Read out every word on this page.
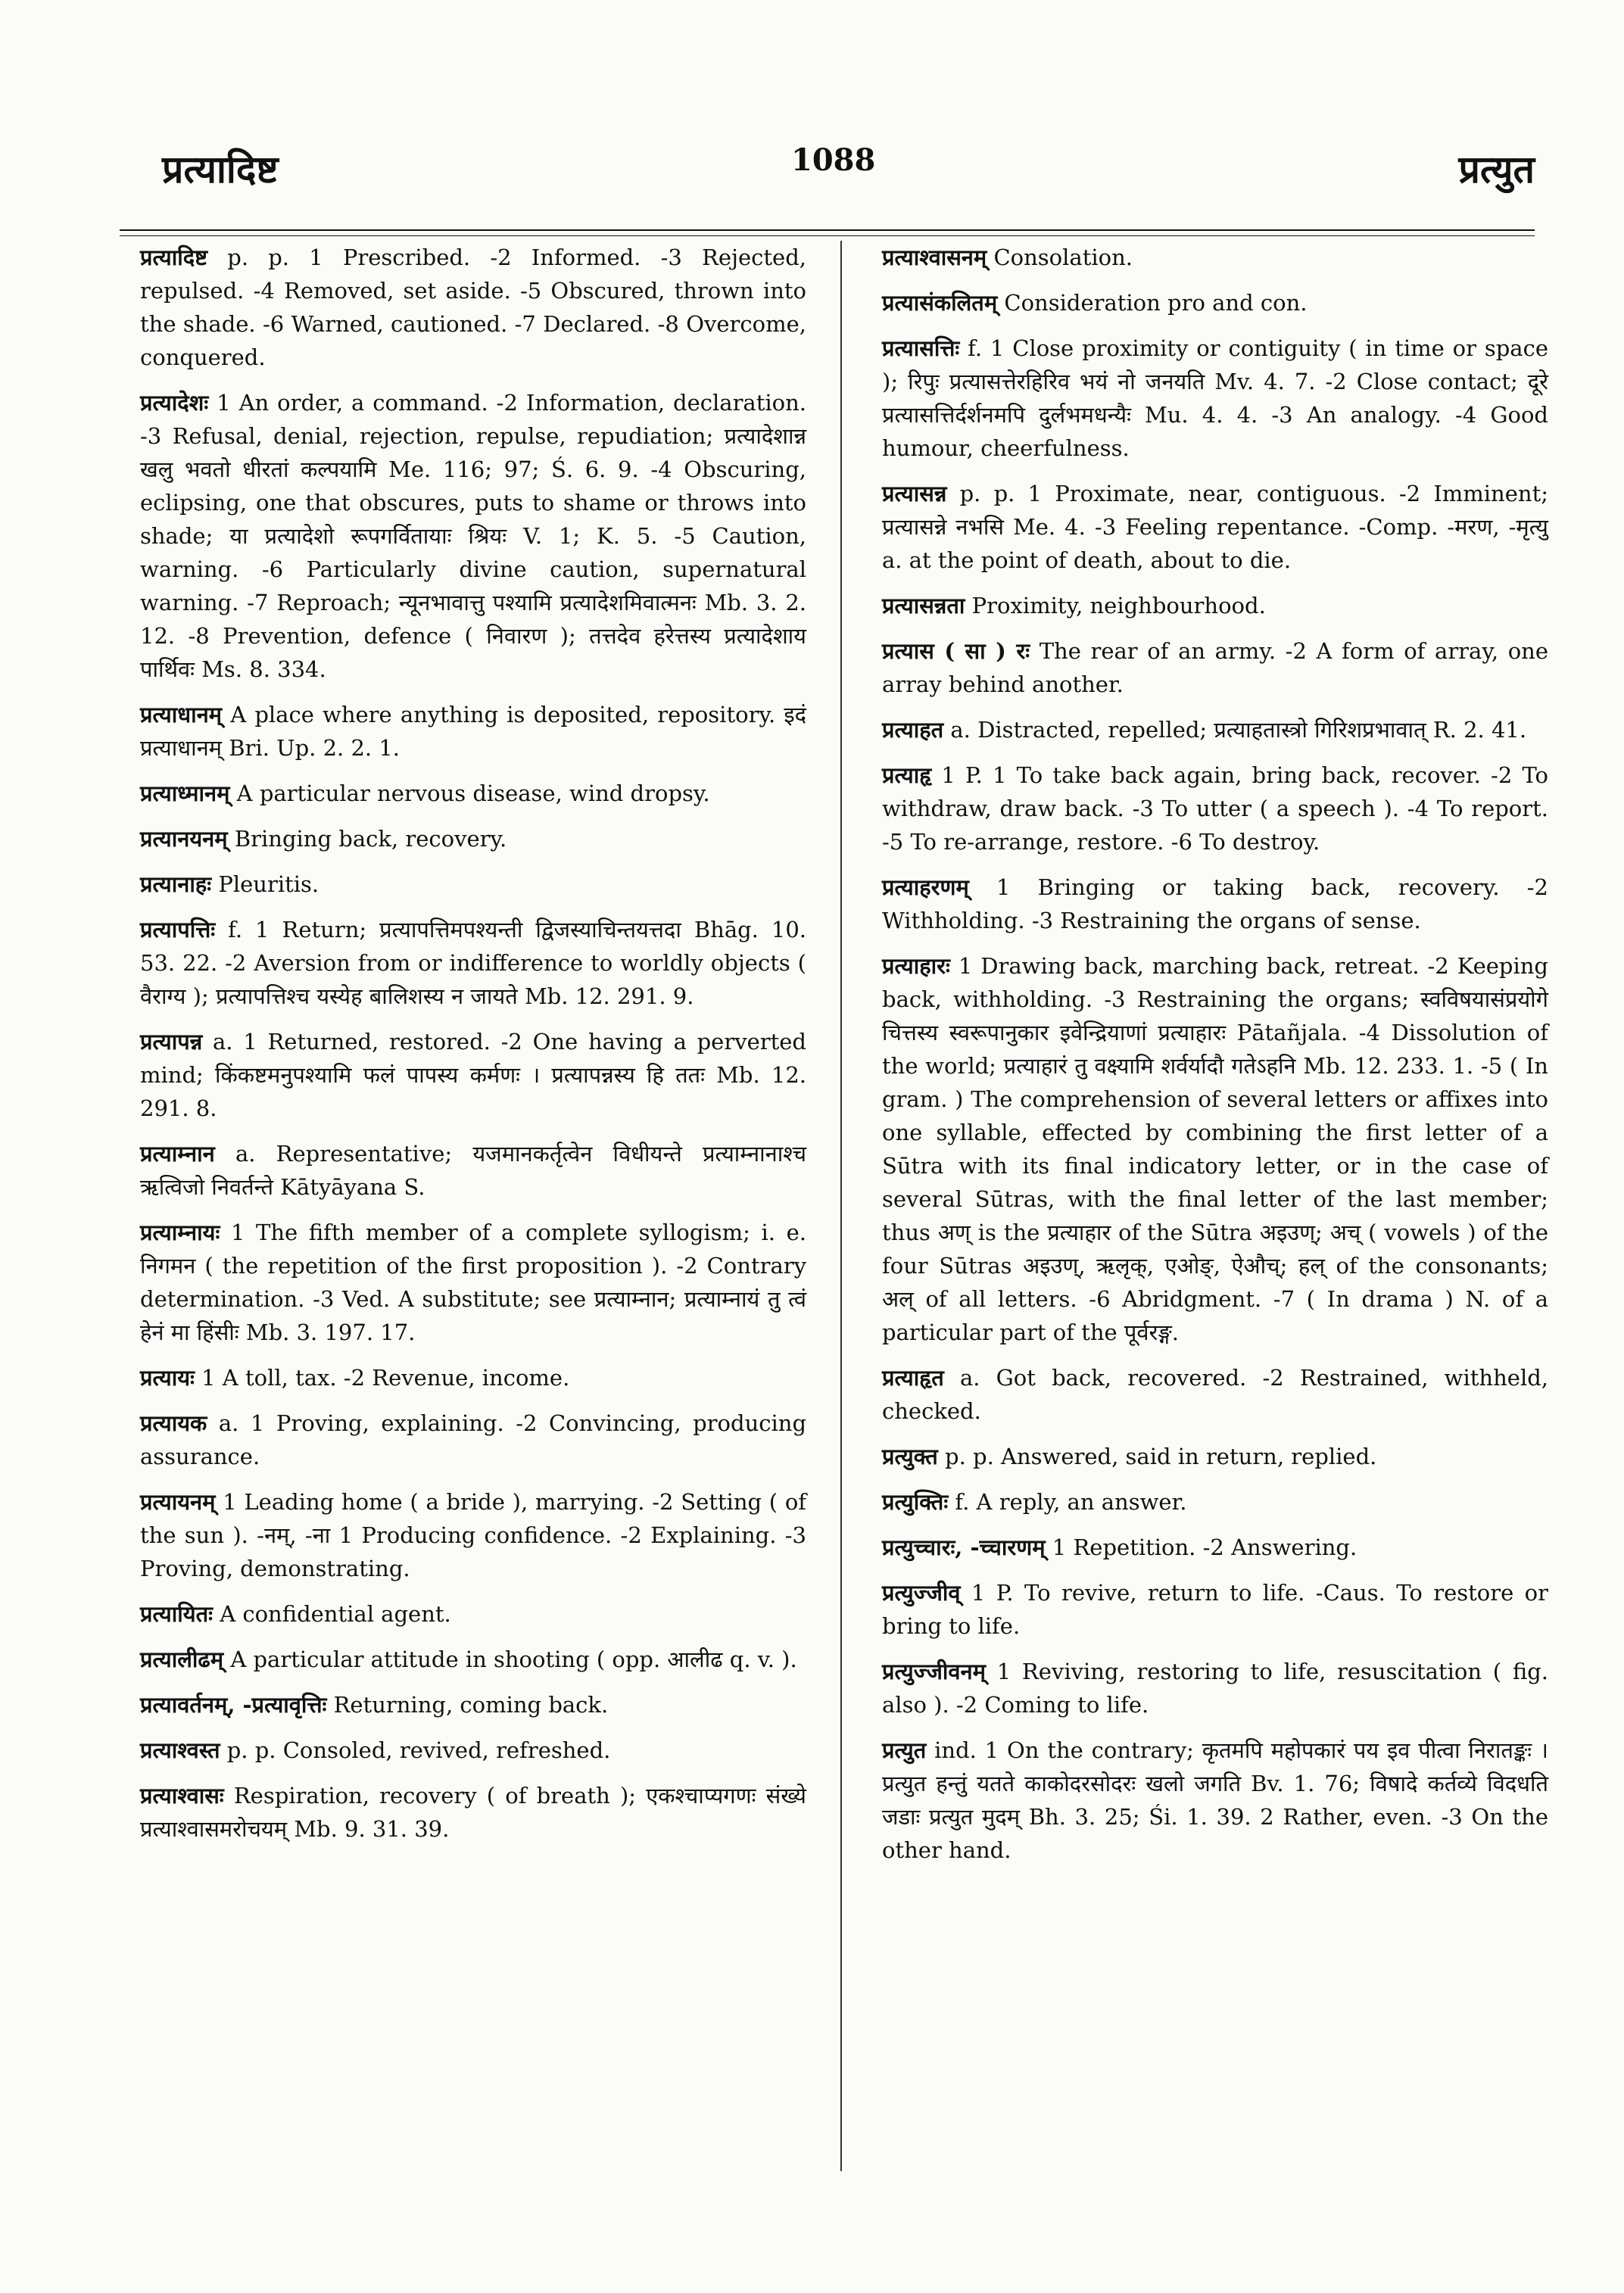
प्रत्यादिष्ट	1088	प्रत्युत

प्रत्यादिष्ट p. p. 1 Prescribed. -2 Informed. -3 Rejected, repulsed. -4 Removed, set aside. -5 Obscured, thrown into the shade. -6 Warned, cautioned. -7 Declared. -8 Overcome, conquered.

प्रत्यादेशः 1 An order, a command. -2 Information, declaration. -3 Refusal, denial, rejection, repulse, repudiation; प्रत्यादेशान्न खलु भवतो धीरतां कल्पयामि Me. 116; 97; Ś. 6. 9. -4 Obscuring, eclipsing, one that obscures, puts to shame or throws into shade; या प्रत्यादेशो रूपगर्वितायाः श्रियः V. 1; K. 5. -5 Caution, warning. -6 Particularly divine caution, supernatural warning. -7 Reproach; न्यूनभावात्तु पश्यामि प्रत्यादेशमिवात्मनः Mb. 3. 2. 12. -8 Prevention, defence ( निवारण ); तत्तदेव हरेत्तस्य प्रत्यादेशाय पार्थिवः Ms. 8. 334.

प्रत्याधानम् A place where anything is deposited, repository. इदं प्रत्याधानम् Bri. Up. 2. 2. 1.

प्रत्याध्मानम् A particular nervous disease, wind dropsy.

प्रत्यानयनम् Bringing back, recovery.

प्रत्यानाहः Pleuritis.

प्रत्यापत्तिः f. 1 Return; प्रत्यापत्तिमपश्यन्ती द्विजस्याचिन्तयत्तदा Bhāg. 10. 53. 22. -2 Aversion from or indifference to worldly objects ( वैराग्य ); प्रत्यापत्तिश्च यस्येह बालिशस्य न जायते Mb. 12. 291. 9.

प्रत्यापन्न a. 1 Returned, restored. -2 One having a perverted mind; किंकष्टमनुपश्यामि फलं पापस्य कर्मणः । प्रत्यापन्नस्य हि ततः Mb. 12. 291. 8.

प्रत्याम्नान a. Representative; यजमानकर्तृत्वेन विधीयन्ते प्रत्याम्नानाश्च ऋत्विजो निवर्तन्ते Kātyāyana S.

प्रत्याम्नायः 1 The fifth member of a complete syllogism; i. e. निगमन ( the repetition of the first proposition ). -2 Contrary determination. -3 Ved. A substitute; see प्रत्याम्नान; प्रत्याम्नायं तु त्वं हेनं मा हिंसीः Mb. 3. 197. 17.

प्रत्यायः 1 A toll, tax. -2 Revenue, income.

प्रत्यायक a. 1 Proving, explaining. -2 Convincing, producing assurance.

प्रत्यायनम् 1 Leading home ( a bride ), marrying. -2 Setting ( of the sun ). -नम्, -ना 1 Producing confidence. -2 Explaining. -3 Proving, demonstrating.

प्रत्यायितः A confidential agent.

प्रत्यालीढम् A particular attitude in shooting ( opp. आलीढ q. v. ).

प्रत्यावर्तनम्, -प्रत्यावृत्तिः Returning, coming back.

प्रत्याश्वस्त p. p. Consoled, revived, refreshed.

प्रत्याश्वासः Respiration, recovery ( of breath ); एकश्चाप्यगणः संख्ये प्रत्याश्वासमरोचयम् Mb. 9. 31. 39.

प्रत्याश्वासनम् Consolation.

प्रत्यासंकलितम् Consideration pro and con.

प्रत्यासत्तिः f. 1 Close proximity or contiguity ( in time or space ); रिपुः प्रत्यासत्तेरहिरिव भयं नो जनयति Mv. 4. 7. -2 Close contact; दूरे प्रत्यासत्तिर्दर्शनमपि दुर्लभमधन्यैः Mu. 4. 4. -3 An analogy. -4 Good humour, cheerfulness.

प्रत्यासन्न p. p. 1 Proximate, near, contiguous. -2 Imminent; प्रत्यासन्ने नभसि Me. 4. -3 Feeling repentance. -Comp. -मरण, -मृत्यु a. at the point of death, about to die.

प्रत्यासन्नता Proximity, neighbourhood.

प्रत्यास ( सा ) रः The rear of an army. -2 A form of array, one array behind another.

प्रत्याहत a. Distracted, repelled; प्रत्याहतास्त्रो गिरिशप्रभावात् R. 2. 41.

प्रत्याहृ 1 P. 1 To take back again, bring back, recover. -2 To withdraw, draw back. -3 To utter ( a speech ). -4 To report. -5 To re-arrange, restore. -6 To destroy.

प्रत्याहरणम् 1 Bringing or taking back, recovery. -2 Withholding. -3 Restraining the organs of sense.

प्रत्याहारः 1 Drawing back, marching back, retreat. -2 Keeping back, withholding. -3 Restraining the organs; स्वविषयासंप्रयोगे चित्तस्य स्वरूपानुकार इवेन्द्रियाणां प्रत्याहारः Pātañjala. -4 Dissolution of the world; प्रत्याहारं तु वक्ष्यामि शर्वर्यादौ गतेऽहनि Mb. 12. 233. 1. -5 ( In gram. ) The comprehension of several letters or affixes into one syllable, effected by combining the first letter of a Sūtra with its final indicatory letter, or in the case of several Sūtras, with the final letter of the last member; thus अण् is the प्रत्याहार of the Sūtra अइउण्; अच् ( vowels ) of the four Sūtras अइउण्, ऋलृक्, एओङ्, ऐऔच्; हल् of the consonants; अल् of all letters. -6 Abridgment. -7 ( In drama ) N. of a particular part of the पूर्वरङ्ग.

प्रत्याहृत a. Got back, recovered. -2 Restrained, withheld, checked.

प्रत्युक्त p. p. Answered, said in return, replied.

प्रत्युक्तिः f. A reply, an answer.

प्रत्युच्चारः, -च्चारणम् 1 Repetition. -2 Answering.

प्रत्युज्जीव् 1 P. To revive, return to life. -Caus. To restore or bring to life.

प्रत्युज्जीवनम् 1 Reviving, restoring to life, resuscitation ( fig. also ). -2 Coming to life.

प्रत्युत ind. 1 On the contrary; कृतमपि महोपकारं पय इव पीत्वा निरातङ्कः । प्रत्युत हन्तुं यतते काकोदरसोदरः खलो जगति Bv. 1. 76; विषादे कर्तव्ये विदधति जडाः प्रत्युत मुदम् Bh. 3. 25; Śi. 1. 39. 2 Rather, even. -3 On the other hand.
